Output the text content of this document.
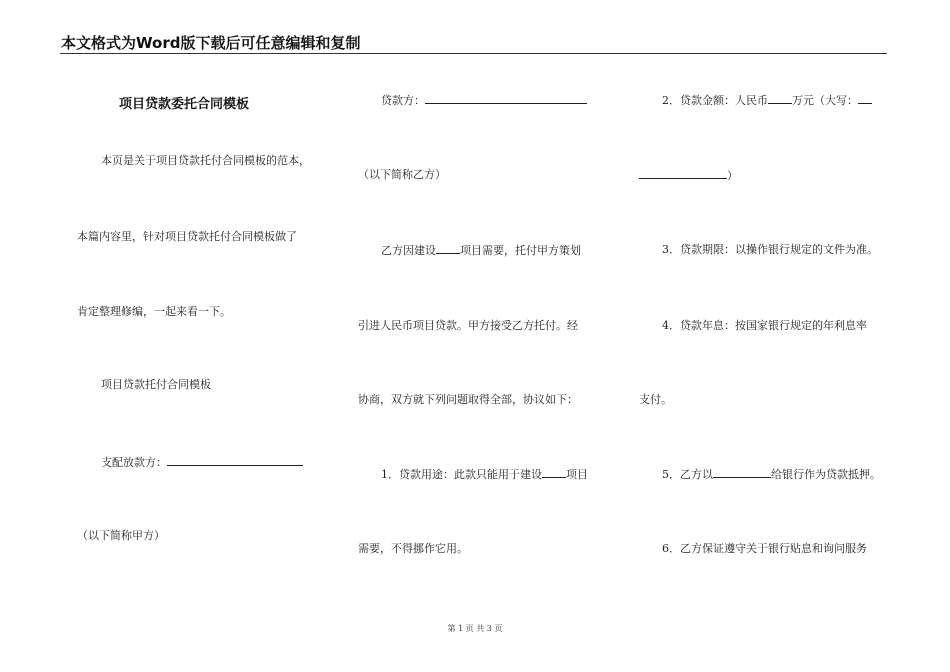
本文格式为Word版下载后可任意编辑和复制
项目贷款委托合同模板
本页是关于项目贷款托付合同模板的范本，
本篇内容里，针对项目贷款托付合同模板做了
肯定整理修编，一起来看一下。
项目贷款托付合同模板
支配放款方：
（以下简称甲方）
贷款方：
（以下简称乙方）
乙方因建设 项目需要，托付甲方策划
引进人民币项目贷款。甲方接受乙方托付。经
协商，双方就下列问题取得全部，协议如下：
1．贷款用途：此款只能用于建设 项目
需要，不得挪作它用。
2．贷款金额：人民币 万元（大写：
）
3．贷款期限：以操作银行规定的文件为准。
4．贷款年息：按国家银行规定的年利息率
支付。
5．乙方以	给银行作为贷款抵押。
6．乙方保证遵守关于银行贴息和询问服务
第 1 页 共 3 页
